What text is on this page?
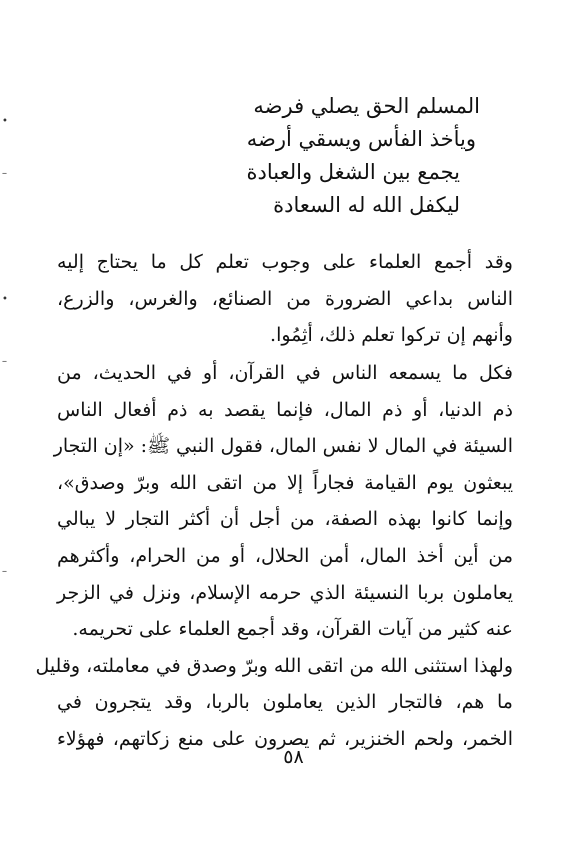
•
–
•
–
–
المسلم الحق يصلي فرضه
ويأخذ الفأس ويسقي أرضه
يجمع بين الشغل والعبادة
ليكفل الله له السعادة
وقد أجمع العلماء على وجوب تعلم كل ما يحتاج إليه
الناس بداعي الضرورة من الصنائع، والغرس، والزرع،
وأنهم إن تركوا تعلم ذلك، أثِمُوا.
فكل ما يسمعه الناس في القرآن، أو في الحديث، من
ذم الدنيا، أو ذم المال، فإنما يقصد به ذم أفعال الناس
السيئة في المال لا نفس المال، فقول النبي ﷺ: «إن التجار
يبعثون يوم القيامة فجاراً إلا من اتقى الله وبرّ وصدق»،
وإنما كانوا بهذه الصفة، من أجل أن أكثر التجار لا يبالي
من أين أخذ المال، أمن الحلال، أو من الحرام، وأكثرهم
يعاملون بربا النسيئة الذي حرمه الإسلام، ونزل في الزجر
عنه كثير من آيات القرآن، وقد أجمع العلماء على تحريمه.
ولهذا استثنى الله من اتقى الله وبرّ وصدق في معاملته، وقليل
ما هم، فالتجار الذين يعاملون بالربا، وقد يتجرون في
الخمر، ولحم الخنزير، ثم يصرون على منع زكاتهم، فهؤلاء
٥٨
